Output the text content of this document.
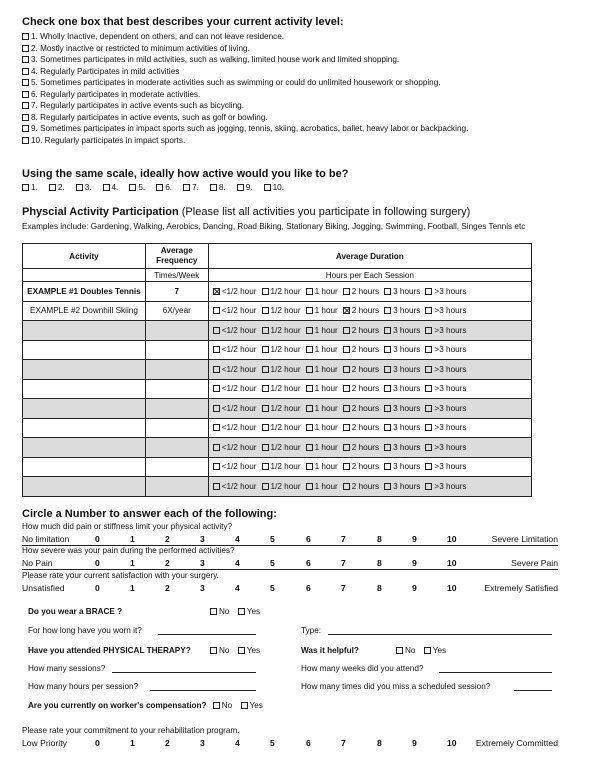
Check one box that best describes your current activity level:
1. Wholly Inactive, dependent on others, and can not leave residence.
2. Mostly inactive or restricted to minimum activities of living.
3. Sometimes participates in mild activities, such as walking, limited house work and limited shopping.
4. Regularly Participates in mild activities
5. Sometimes participates in moderate activities such as swimming or could do unlimited housework or shopping.
6. Regularly participates in moderate activities.
7. Regularly participates in active events such as bicycling.
8. Regularly participates in active events, such as golf or bowling.
9. Sometimes participates in impact sports such as jogging, tennis, skiing, acrobatics, ballet, heavy labor or backpacking.
10. Regularly participates in impact sports.
Using the same scale, ideally how active would you like to be?
1. 2. 3. 4. 5. 6. 7. 8. 9. 10.
Physcial Activity Participation (Please list all activities you participate in following surgery)
Examples include: Gardening, Walking, Aerobics, Dancing, Road Biking, Stationary Biking, Jogging, Swimming, Football, Singes Tennis etc
Activity	Average Frequency	Average Duration
	Times/Week	Hours per Each Session
EXAMPLE #1 Doubles Tennis	7	<1/2 hour 1/2 hour 1 hour 2 hours 3 hours >3 hours
EXAMPLE #2 Downhill Skiing	6X/year	<1/2 hour 1/2 hour 1 hour 2 hours 3 hours >3 hours
		<1/2 hour 1/2 hour 1 hour 2 hours 3 hours >3 hours
		<1/2 hour 1/2 hour 1 hour 2 hours 3 hours >3 hours
		<1/2 hour 1/2 hour 1 hour 2 hours 3 hours >3 hours
		<1/2 hour 1/2 hour 1 hour 2 hours 3 hours >3 hours
		<1/2 hour 1/2 hour 1 hour 2 hours 3 hours >3 hours
		<1/2 hour 1/2 hour 1 hour 2 hours 3 hours >3 hours
		<1/2 hour 1/2 hour 1 hour 2 hours 3 hours >3 hours
		<1/2 hour 1/2 hour 1 hour 2 hours 3 hours >3 hours
		<1/2 hour 1/2 hour 1 hour 2 hours 3 hours >3 hours
Circle a Number to answer each of the following:
How much did pain or stiffness limit your physical activity?
No limitation	0	1	2	3	4	5	6	7	8	9	10	Severe Limitation
How severe was your pain during the performed activities?
No Pain	0	1	2	3	4	5	6	7	8	9	10	Severe Pain
Please rate your current satisfaction with your surgery.
Unsatisfied	0	1	2	3	4	5	6	7	8	9	10	Extremely Satisfied
Do you wear a BRACE ?	No Yes
For how long have you worn it?	Type:
Have you attended PHYSICAL THERAPY?	No Yes	Was it helpful?	No Yes
How many sessions?	How many weeks did you attend?
How many hours per session?	How many times did you miss a scheduled session?
Are you currently on worker's compensation? No Yes
Please rate your commitment to your rehabilitation program.
Low Priority	0	1	2	3	4	5	6	7	8	9	10 Extremely Committed
